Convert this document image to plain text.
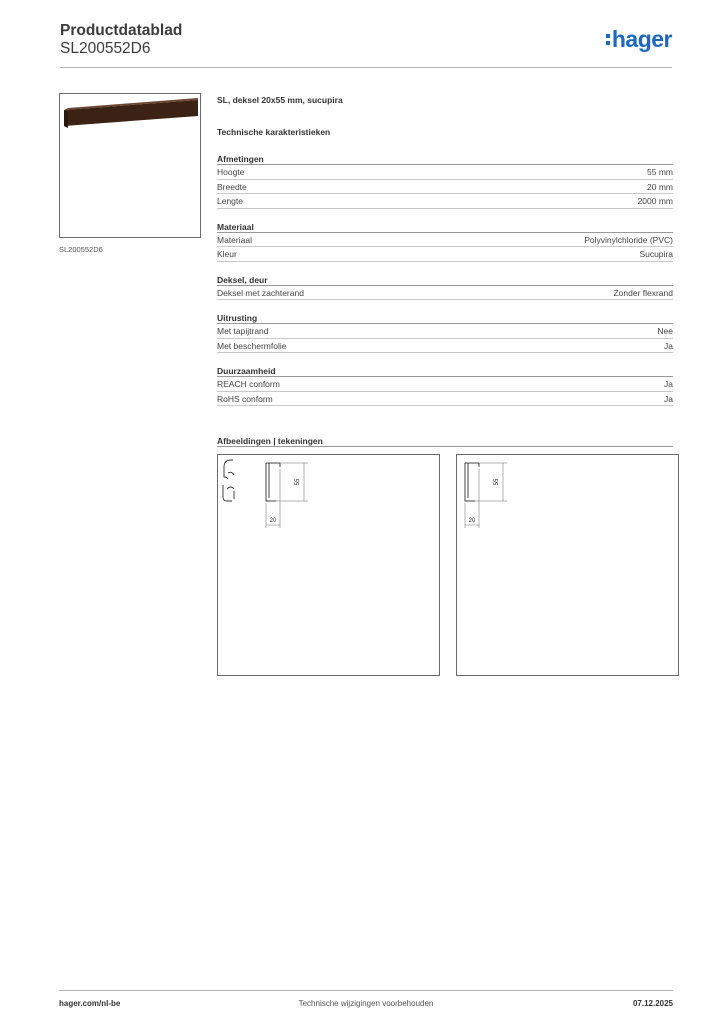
Productdatablad
SL200552D6	hager
SL200552D6
SL, deksel 20x55 mm, sucupira
Technische karakteristieken
Afmetingen
Hoogte	55 mm
Breedte	20 mm
Lengte	2000 mm
Materiaal
Materiaal	Polyvinylchloride (PVC)
Kleur	Sucupira
Deksel, deur
Deksel met zachterand	Zonder flexrand
Uitrusting
Met tapijtrand	Nee
Met beschermfolie	Ja
Duurzaamheid
REACH conform	Ja
RoHS conform	Ja
Afbeeldingen | tekeningen
55
20
55
20
hager.com/nl-be	Technische wijzigingen voorbehouden	07.12.2025
